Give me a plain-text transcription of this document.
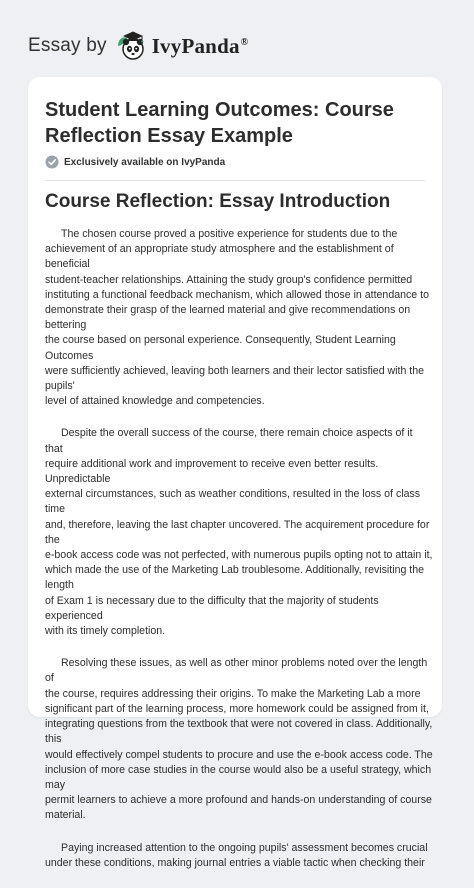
Essay by IvyPanda®
Student Learning Outcomes: Course
Reflection Essay Example
Exclusively available on IvyPanda
Course Reflection: Essay Introduction

The chosen course proved a positive experience for students due to the
achievement of an appropriate study atmosphere and the establishment of beneficial
student-teacher relationships. Attaining the study group's confidence permitted
instituting a functional feedback mechanism, which allowed those in attendance to
demonstrate their grasp of the learned material and give recommendations on bettering
the course based on personal experience. Consequently, Student Learning Outcomes
were sufficiently achieved, leaving both learners and their lector satisfied with the pupils'
level of attained knowledge and competencies.

Despite the overall success of the course, there remain choice aspects of it that
require additional work and improvement to receive even better results. Unpredictable
external circumstances, such as weather conditions, resulted in the loss of class time
and, therefore, leaving the last chapter uncovered. The acquirement procedure for the
e-book access code was not perfected, with numerous pupils opting not to attain it,
which made the use of the Marketing Lab troublesome. Additionally, revisiting the length
of Exam 1 is necessary due to the difficulty that the majority of students experienced
with its timely completion.

Resolving these issues, as well as other minor problems noted over the length of
the course, requires addressing their origins. To make the Marketing Lab a more
significant part of the learning process, more homework could be assigned from it,
integrating questions from the textbook that were not covered in class. Additionally, this
would effectively compel students to procure and use the e-book access code. The
inclusion of more case studies in the course would also be a useful strategy, which may
permit learners to achieve a more profound and hands-on understanding of course
material.

Paying increased attention to the ongoing pupils' assessment becomes crucial
under these conditions, making journal entries a viable tactic when checking their
